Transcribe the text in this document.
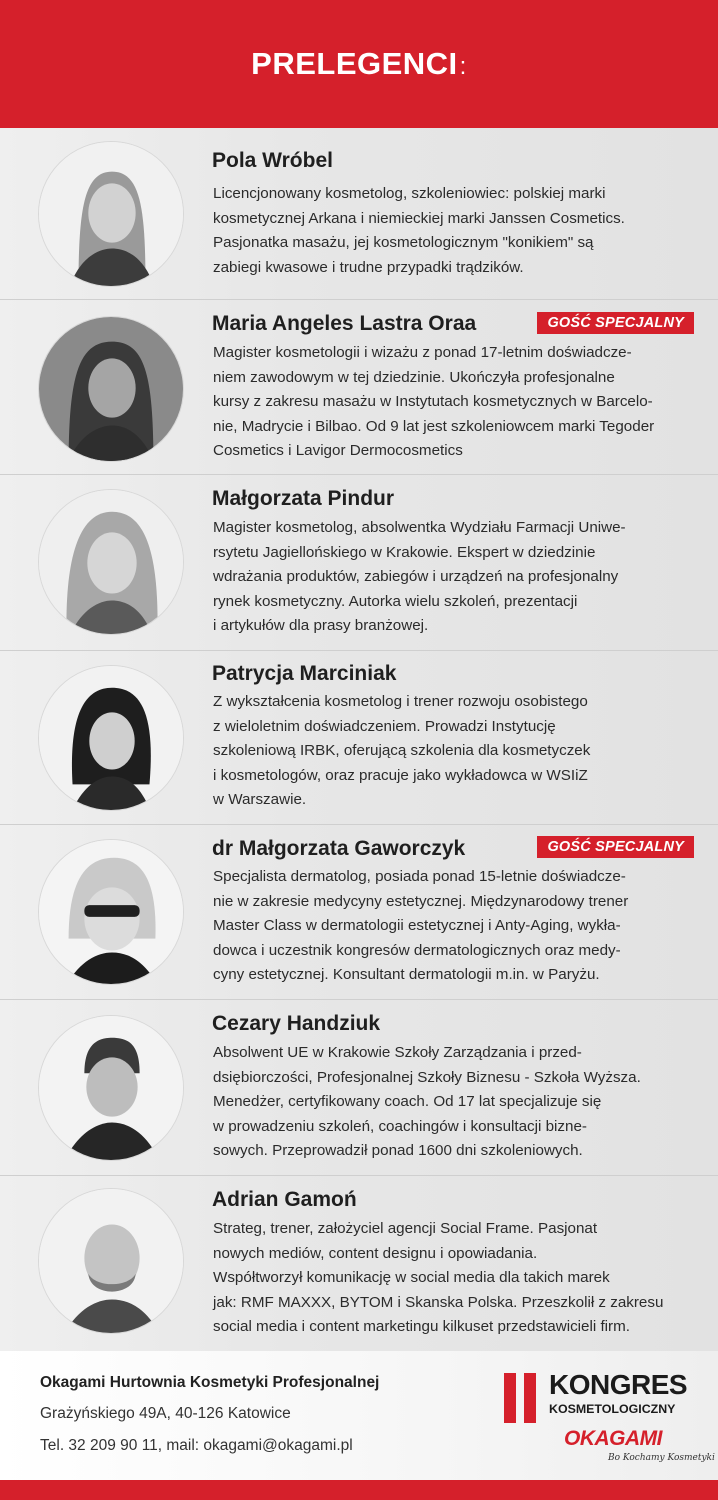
PRELEGENCI:
Pola Wróbel
Licencjonowany kosmetolog, szkoleniowiec: polskiej marki
kosmetycznej Arkana i niemieckiej marki Janssen Cosmetics.
Pasjonatka masażu, jej kosmetologicznym "konikiem" są
zabiegi kwasowe i trudne przypadki trądzików.
Maria Angeles Lastra Oraa	GOŚĆ SPECJALNY
Magister kosmetologii i wizażu z ponad 17-letnim doświadcze-
niem zawodowym w tej dziedzinie. Ukończyła profesjonalne
kursy z zakresu masażu w Instytutach kosmetycznych w Barcelo-
nie, Madrycie i Bilbao. Od 9 lat jest szkoleniowcem marki Tegoder
Cosmetics i Lavigor Dermocosmetics
Małgorzata Pindur
Magister kosmetolog, absolwentka Wydziału Farmacji Uniwe-
rsytetu Jagiellońskiego w Krakowie. Ekspert w dziedzinie
wdrażania produktów, zabiegów i urządzeń na profesjonalny
rynek kosmetyczny. Autorka wielu szkoleń, prezentacji
i artykułów dla prasy branżowej.
Patrycja Marciniak
Z wykształcenia kosmetolog i trener rozwoju osobistego
z wieloletnim doświadczeniem. Prowadzi Instytucję
szkoleniową IRBK, oferującą szkolenia dla kosmetyczek
i kosmetologów, oraz pracuje jako wykładowca w WSIiZ
w Warszawie.
dr Małgorzata Gaworczyk	GOŚĆ SPECJALNY
Specjalista dermatolog, posiada ponad 15-letnie doświadcze-
nie w zakresie medycyny estetycznej. Międzynarodowy trener
Master Class w dermatologii estetycznej i Anty-Aging, wykła-
dowca i uczestnik kongresów dermatologicznych oraz medy-
cyny estetycznej. Konsultant dermatologii m.in. w Paryżu.
Cezary Handziuk
Absolwent UE w Krakowie Szkoły Zarządzania i przed-
dsiębiorczości, Profesjonalnej Szkoły Biznesu - Szkoła Wyższa.
Menedżer, certyfikowany coach. Od 17 lat specjalizuje się
w prowadzeniu szkoleń, coachingów i konsultacji bizne-
sowych. Przeprowadził ponad 1600 dni szkoleniowych.
Adrian Gamoń
Strateg, trener, założyciel agencji Social Frame. Pasjonat
nowych mediów, content designu i opowiadania.
Współtworzył komunikację w social media dla takich marek
jak: RMF MAXXX, BYTOM i Skanska Polska. Przeszkolił z zakresu
social media i content marketingu kilkuset przedstawicieli firm.
Okagami Hurtownia Kosmetyki Profesjonalnej
Grażyńskiego 49A, 40-126 Katowice
Tel. 32 209 90 11, mail: okagami@okagami.pl
KONGRES
KOSMETOLOGICZNY
OKAGAMI
Bo Kochamy Kosmetyki
